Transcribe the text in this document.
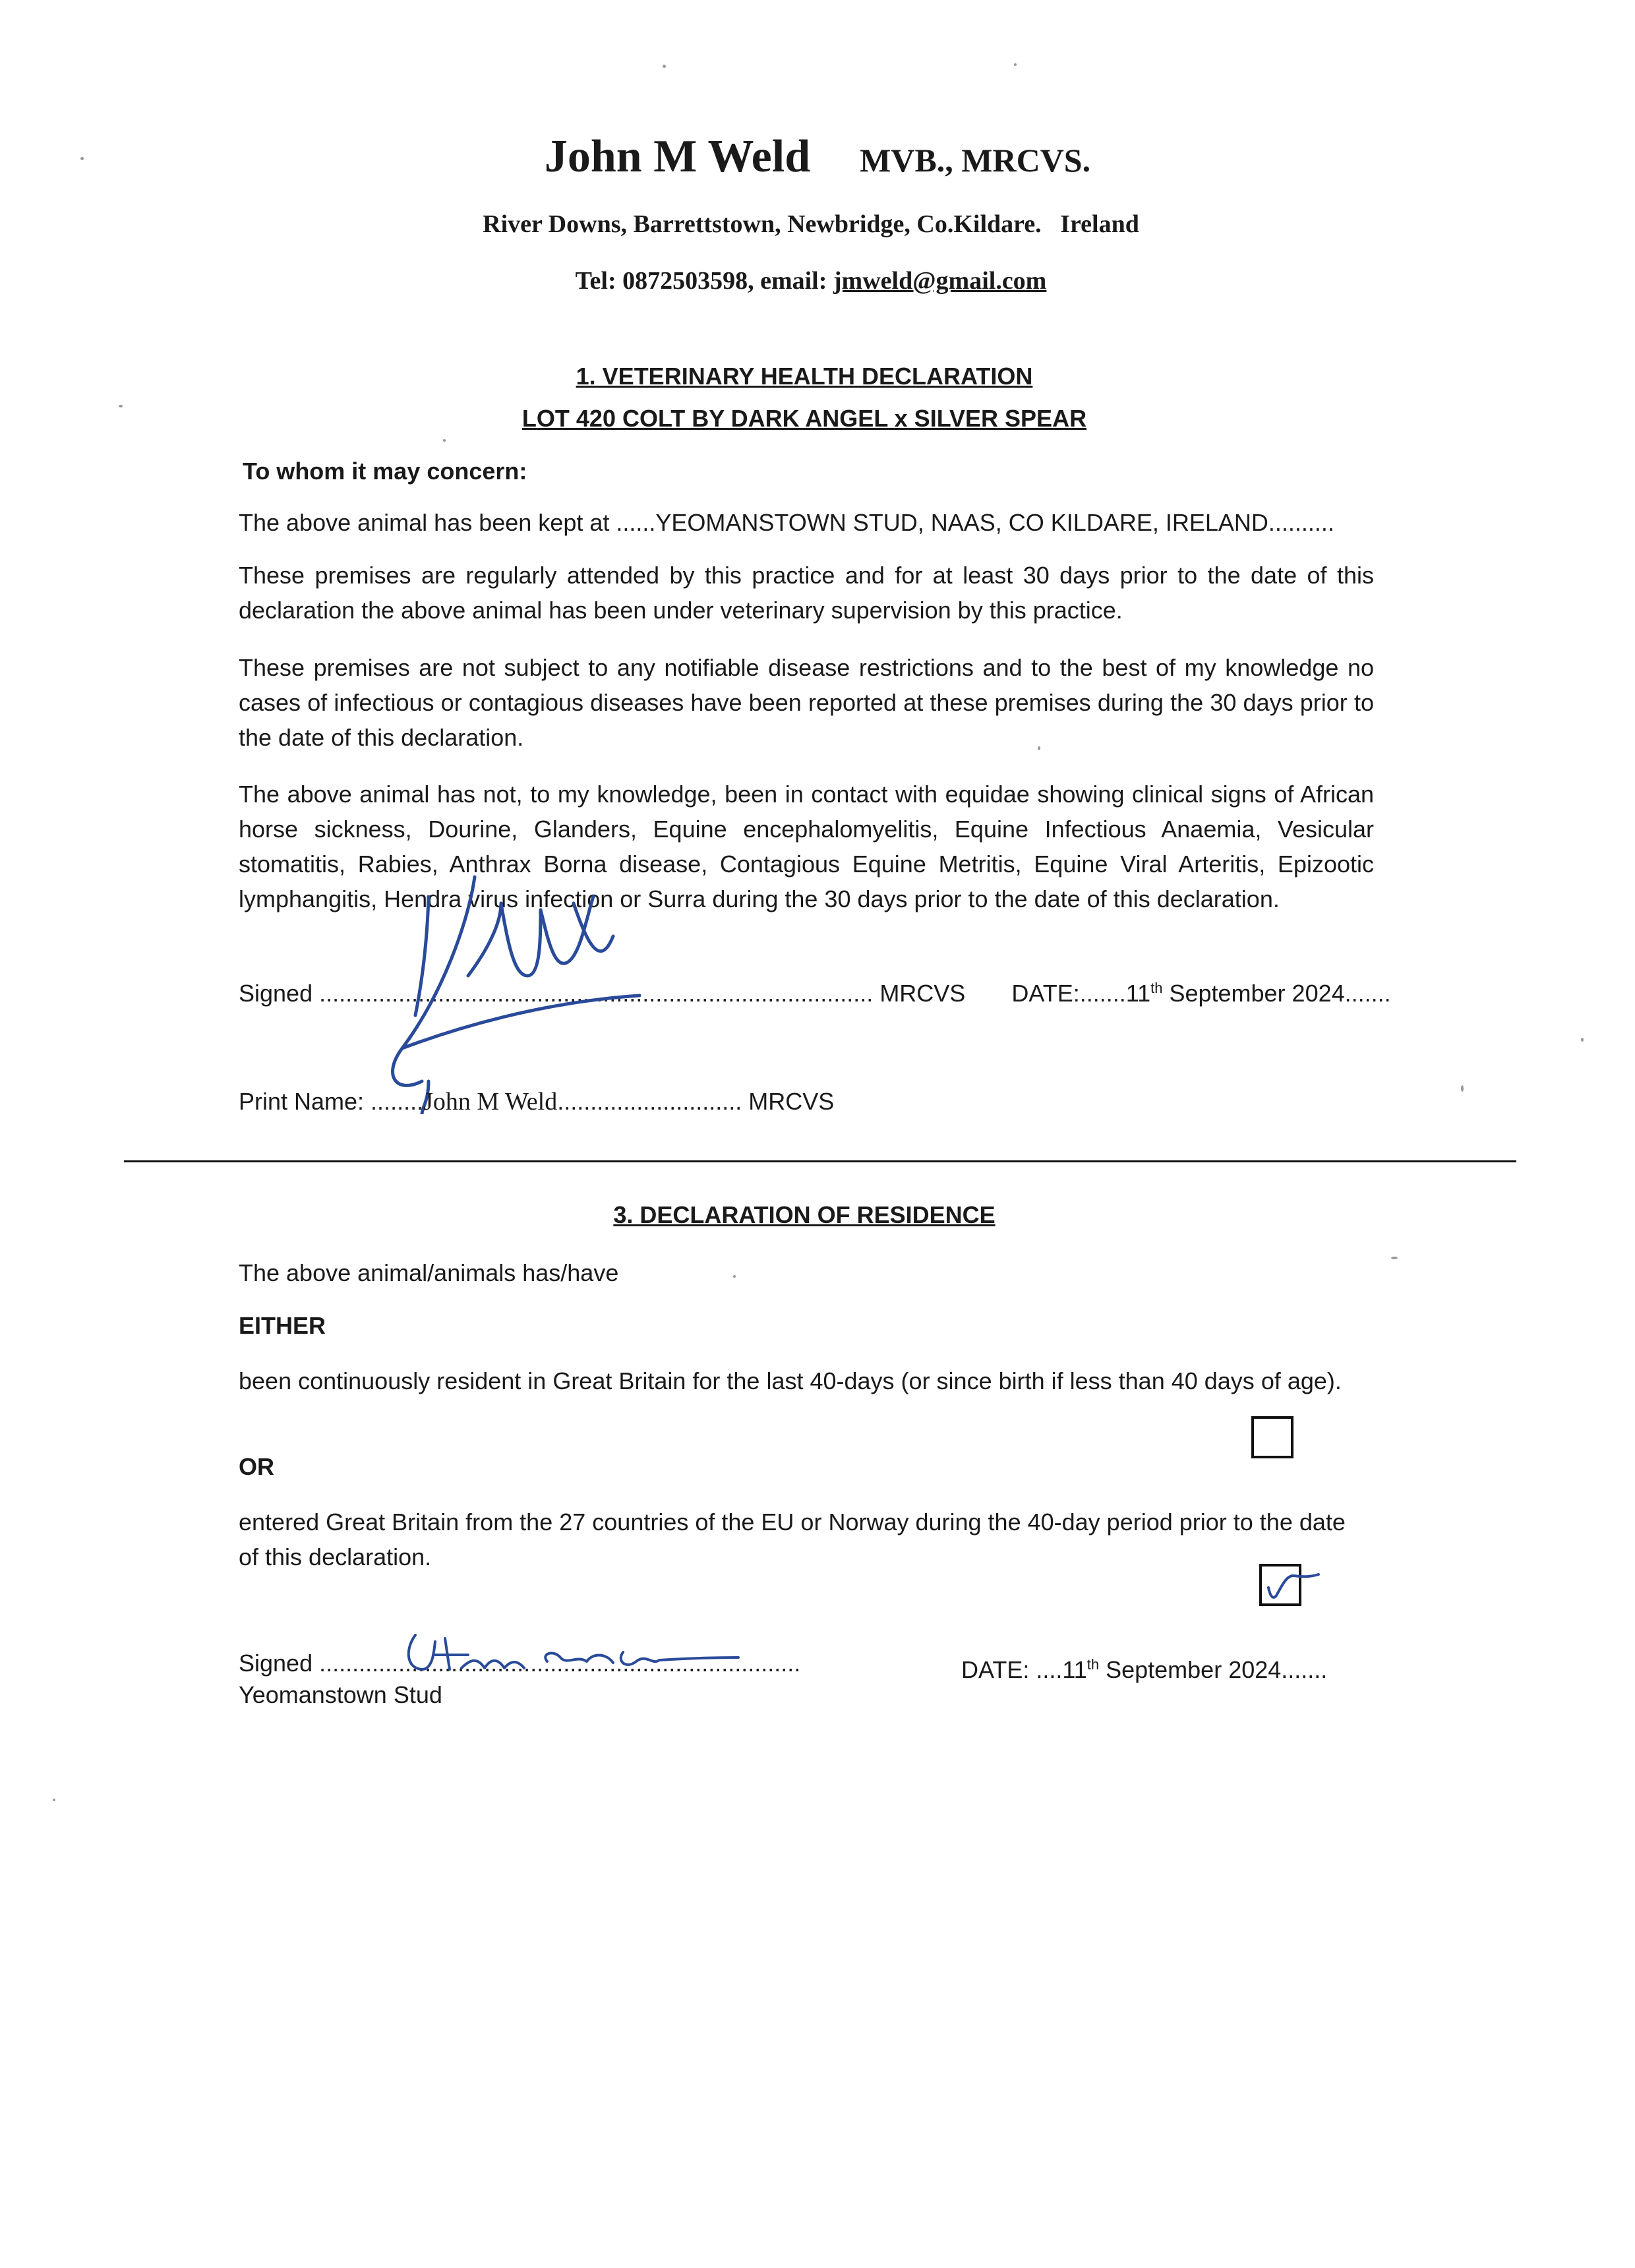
John M Weld MVB., MRCVS.
River Downs, Barrettstown, Newbridge, Co.Kildare.   Ireland
Tel: 0872503598, email: jmweld@gmail.com
1. VETERINARY HEALTH DECLARATION
LOT 420 COLT BY DARK ANGEL x SILVER SPEAR
To whom it may concern:
The above animal has been kept at ......YEOMANSTOWN STUD, NAAS, CO KILDARE, IRELAND..........
These premises are regularly attended by this practice and for at least 30 days prior to the date of this declaration the above animal has been under veterinary supervision by this practice.
These premises are not subject to any notifiable disease restrictions and to the best of my knowledge no cases of infectious or contagious diseases have been reported at these premises during the 30 days prior to the date of this declaration.
The above animal has not, to my knowledge, been in contact with equidae showing clinical signs of African horse sickness, Dourine, Glanders, Equine encephalomyelitis, Equine Infectious Anaemia, Vesicular stomatitis, Rabies, Anthrax Borna disease, Contagious Equine Metritis, Equine Viral Arteritis, Epizootic lymphangitis, Hendra virus infection or Surra during the 30 days prior to the date of this declaration.
Signed .................................................................................... MRCVS DATE:.......11th September 2024.......
Print Name: ........John M Weld............................ MRCVS
3. DECLARATION OF RESIDENCE
The above animal/animals has/have
EITHER
been continuously resident in Great Britain for the last 40-days (or since birth if less than 40 days of age).
OR
entered Great Britain from the 27 countries of the EU or Norway during the 40-day period prior to the date of this declaration.
Signed .........................................................................	DATE: ....11th September 2024.......
Yeomanstown Stud
